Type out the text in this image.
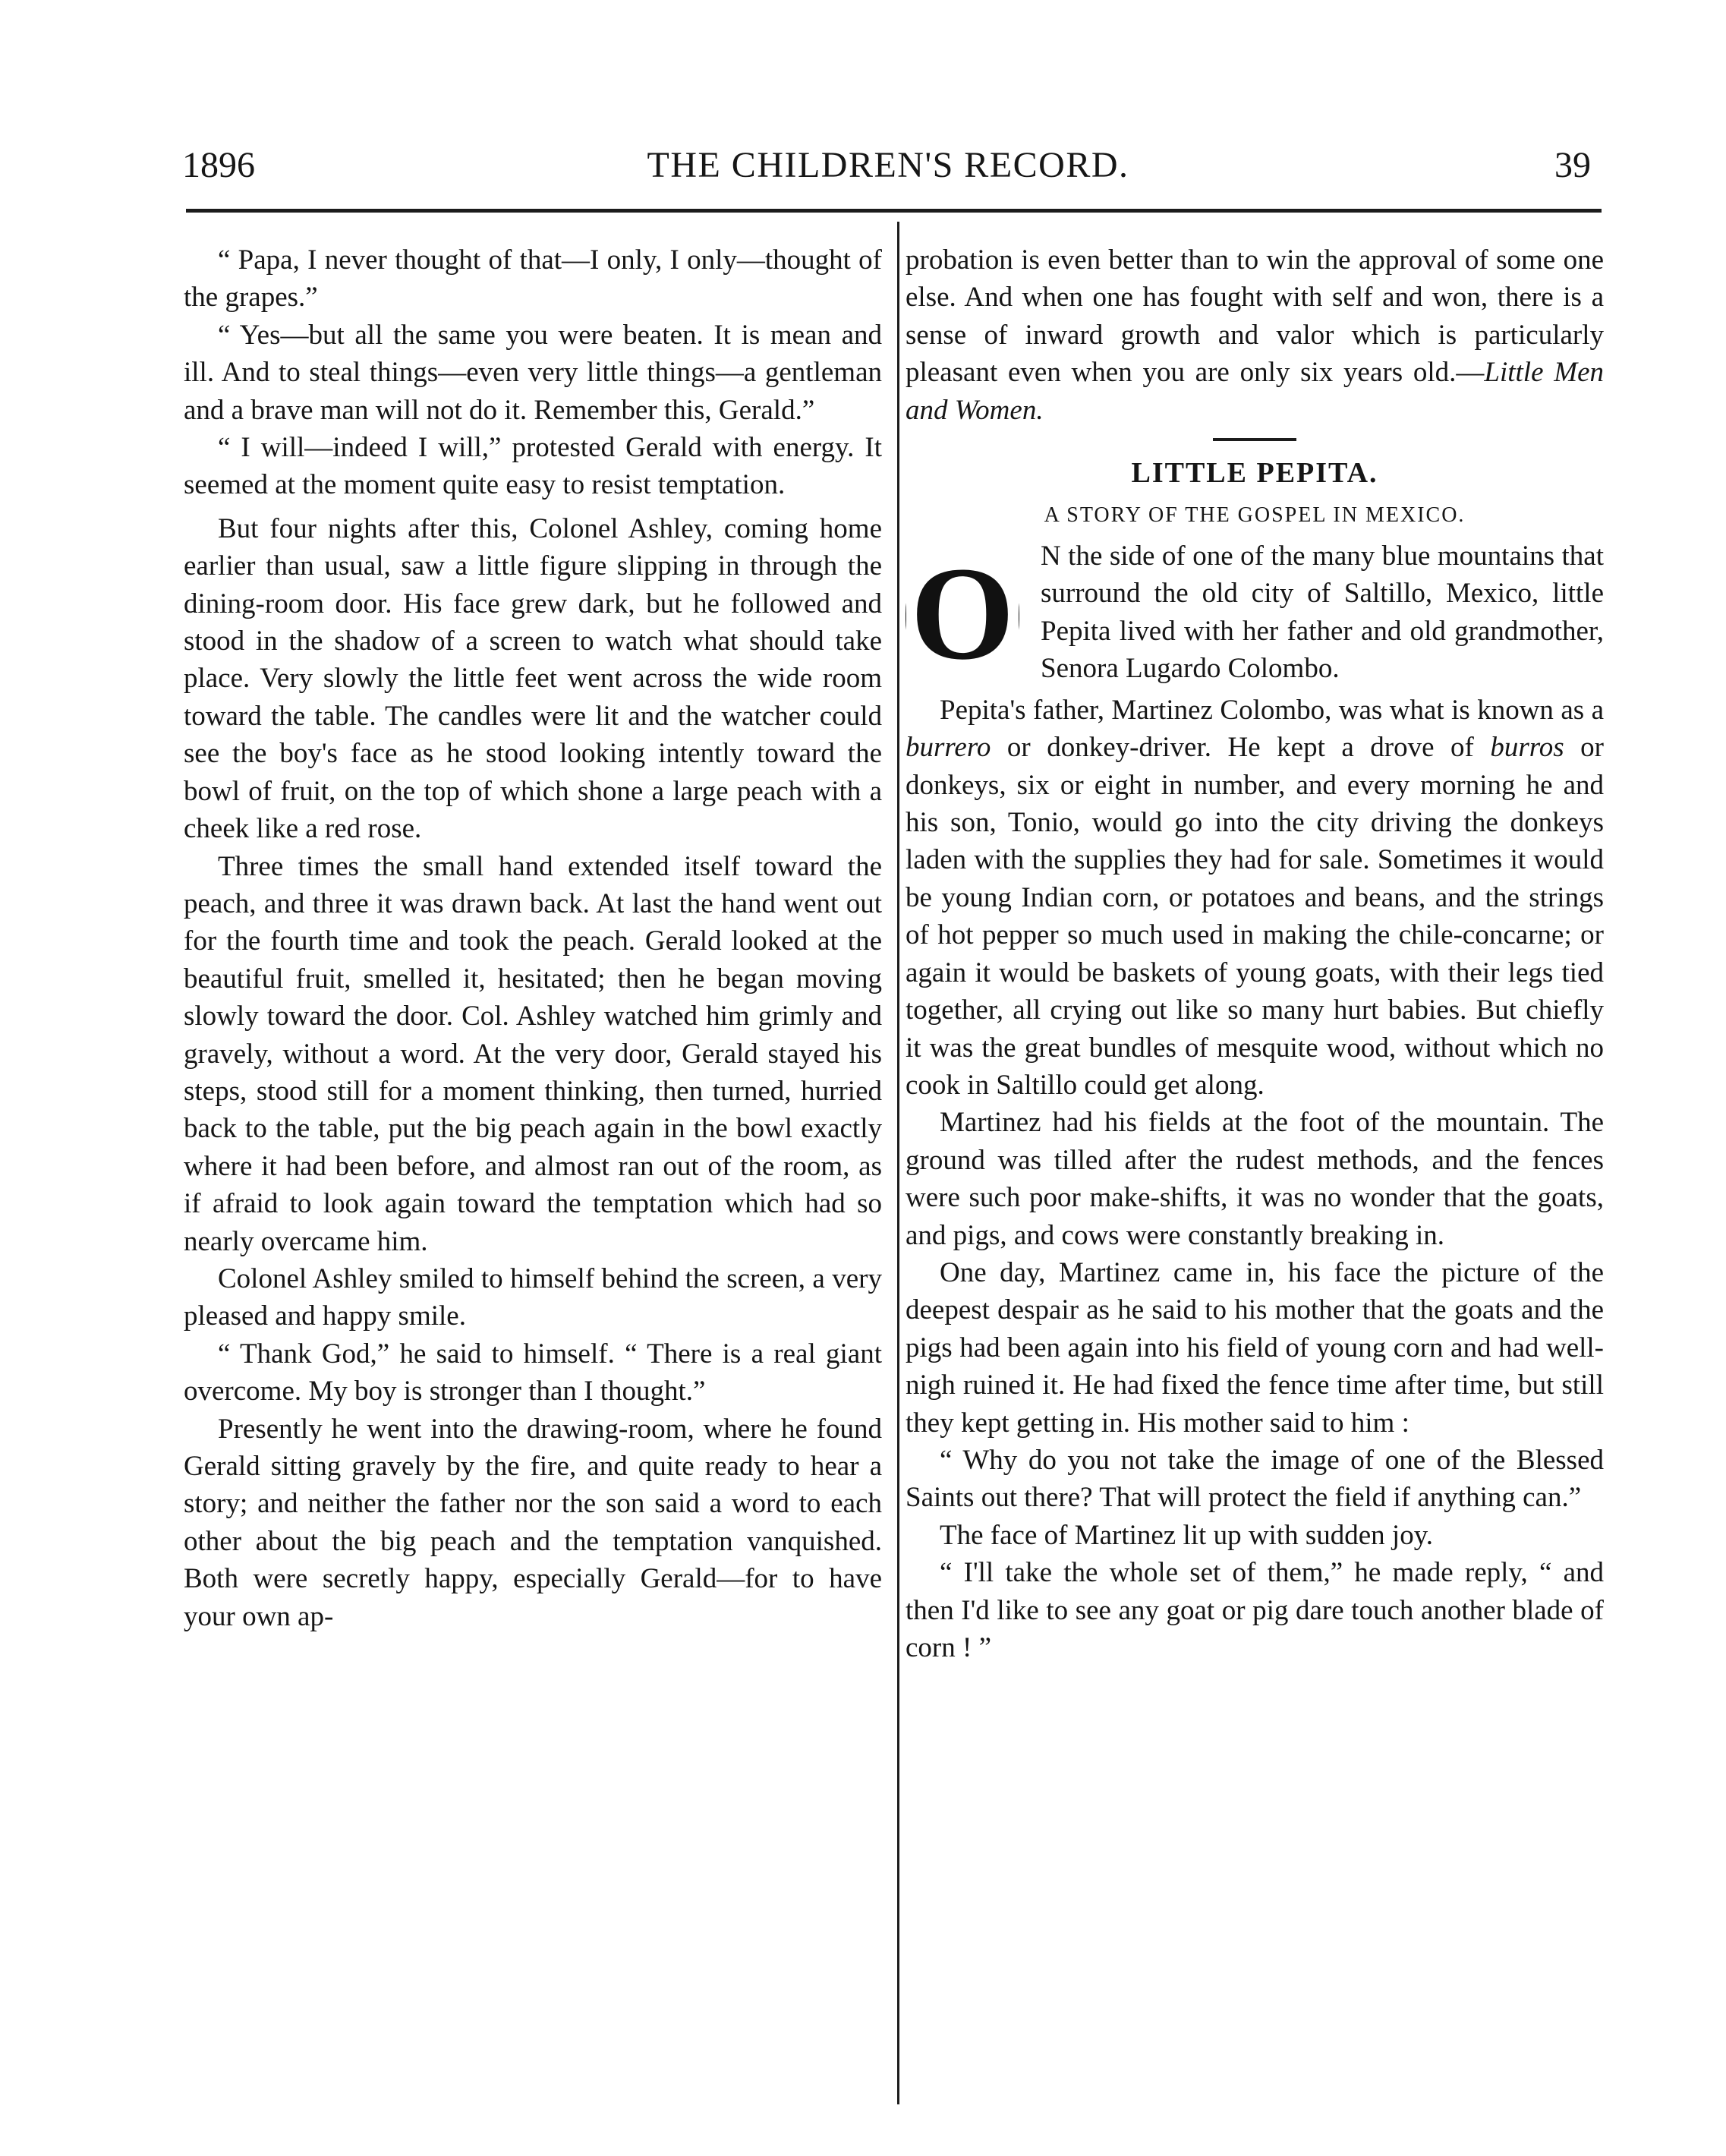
1896	THE CHILDREN'S RECORD.	39

“ Papa, I never thought of that—I only, I only—thought of the grapes.”

“ Yes—but all the same you were beaten. It is mean and ill. And to steal things—even very little things—a gentleman and a brave man will not do it. Remember this, Gerald.”

“ I will—indeed I will,” protested Gerald with energy. It seemed at the moment quite easy to resist temptation.

But four nights after this, Colonel Ashley, coming home earlier than usual, saw a little figure slipping in through the dining-room door. His face grew dark, but he followed and stood in the shadow of a screen to watch what should take place. Very slowly the little feet went across the wide room toward the table. The candles were lit and the watcher could see the boy's face as he stood looking intently toward the bowl of fruit, on the top of which shone a large peach with a cheek like a red rose.

Three times the small hand extended itself toward the peach, and three it was drawn back. At last the hand went out for the fourth time and took the peach. Gerald looked at the beautiful fruit, smelled it, hesitated; then he began moving slowly toward the door. Col. Ashley watched him grimly and gravely, without a word. At the very door, Gerald stayed his steps, stood still for a moment thinking, then turned, hurried back to the table, put the big peach again in the bowl exactly where it had been before, and almost ran out of the room, as if afraid to look again toward the temptation which had so nearly overcame him.

Colonel Ashley smiled to himself behind the screen, a very pleased and happy smile.

“ Thank God,” he said to himself. “ There is a real giant overcome. My boy is stronger than I thought.”

Presently he went into the drawing-room, where he found Gerald sitting gravely by the fire, and quite ready to hear a story; and neither the father nor the son said a word to each other about the big peach and the temptation vanquished. Both were secretly happy, especially Gerald—for to have your own ap-

probation is even better than to win the approval of some one else. And when one has fought with self and won, there is a sense of inward growth and valor which is particularly pleasant even when you are only six years old.—Little Men and Women.

LITTLE PEPITA.

A STORY OF THE GOSPEL IN MEXICO.

O N the side of one of the many blue mountains that surround the old city of Saltillo, Mexico, little Pepita lived with her father and old grandmother, Senora Lugardo Colombo.

Pepita's father, Martinez Colombo, was what is known as a burrero or donkey-driver. He kept a drove of burros or donkeys, six or eight in number, and every morning he and his son, Tonio, would go into the city driving the donkeys laden with the supplies they had for sale. Sometimes it would be young Indian corn, or potatoes and beans, and the strings of hot pepper so much used in making the chile-concarne; or again it would be baskets of young goats, with their legs tied together, all crying out like so many hurt babies. But chiefly it was the great bundles of mesquite wood, without which no cook in Saltillo could get along.

Martinez had his fields at the foot of the mountain. The ground was tilled after the rudest methods, and the fences were such poor make-shifts, it was no wonder that the goats, and pigs, and cows were constantly breaking in.

One day, Martinez came in, his face the picture of the deepest despair as he said to his mother that the goats and the pigs had been again into his field of young corn and had well-nigh ruined it. He had fixed the fence time after time, but still they kept getting in. His mother said to him :

“ Why do you not take the image of one of the Blessed Saints out there? That will protect the field if anything can.”

The face of Martinez lit up with sudden joy.

“ I'll take the whole set of them,” he made reply, “ and then I'd like to see any goat or pig dare touch another blade of corn ! ”
